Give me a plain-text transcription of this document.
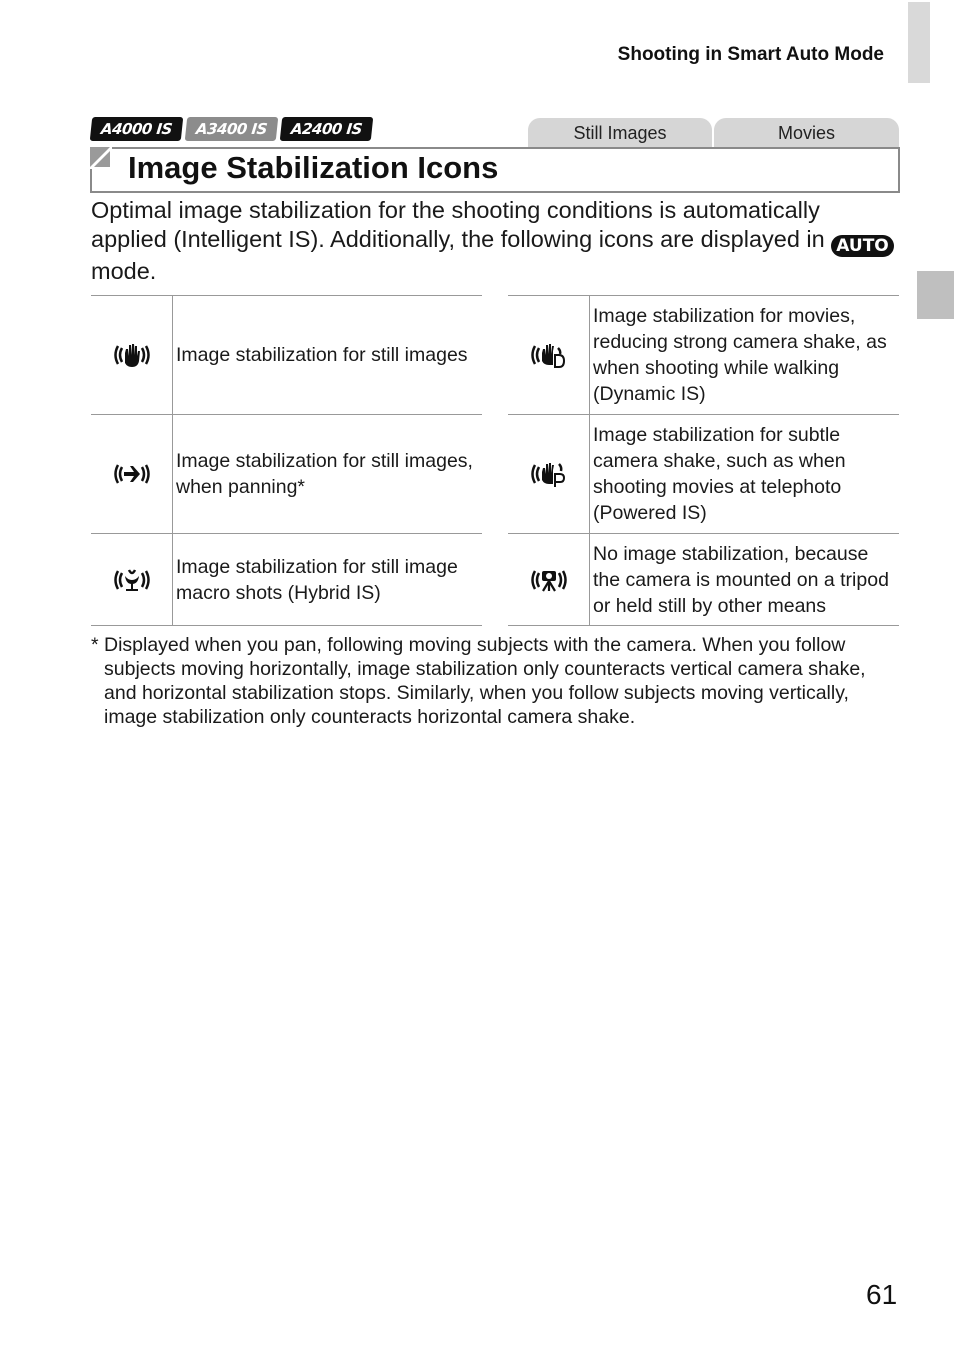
Shooting in Smart Auto Mode
A4000 IS	A3400 IS	A2400 IS	Still Images	Movies
Image Stabilization Icons
Optimal image stabilization for the shooting conditions is automatically applied (Intelligent IS). Additionally, the following icons are displayed in AUTO mode.
Image stabilization for still images
Image stabilization for still images, when panning*
Image stabilization for still image macro shots (Hybrid IS)
Image stabilization for movies, reducing strong camera shake, as when shooting while walking (Dynamic IS)
Image stabilization for subtle camera shake, such as when shooting movies at telephoto (Powered IS)
No image stabilization, because the camera is mounted on a tripod or held still by other means
* Displayed when you pan, following moving subjects with the camera. When you follow subjects moving horizontally, image stabilization only counteracts vertical camera shake, and horizontal stabilization stops. Similarly, when you follow subjects moving vertically, image stabilization only counteracts horizontal camera shake.
61
